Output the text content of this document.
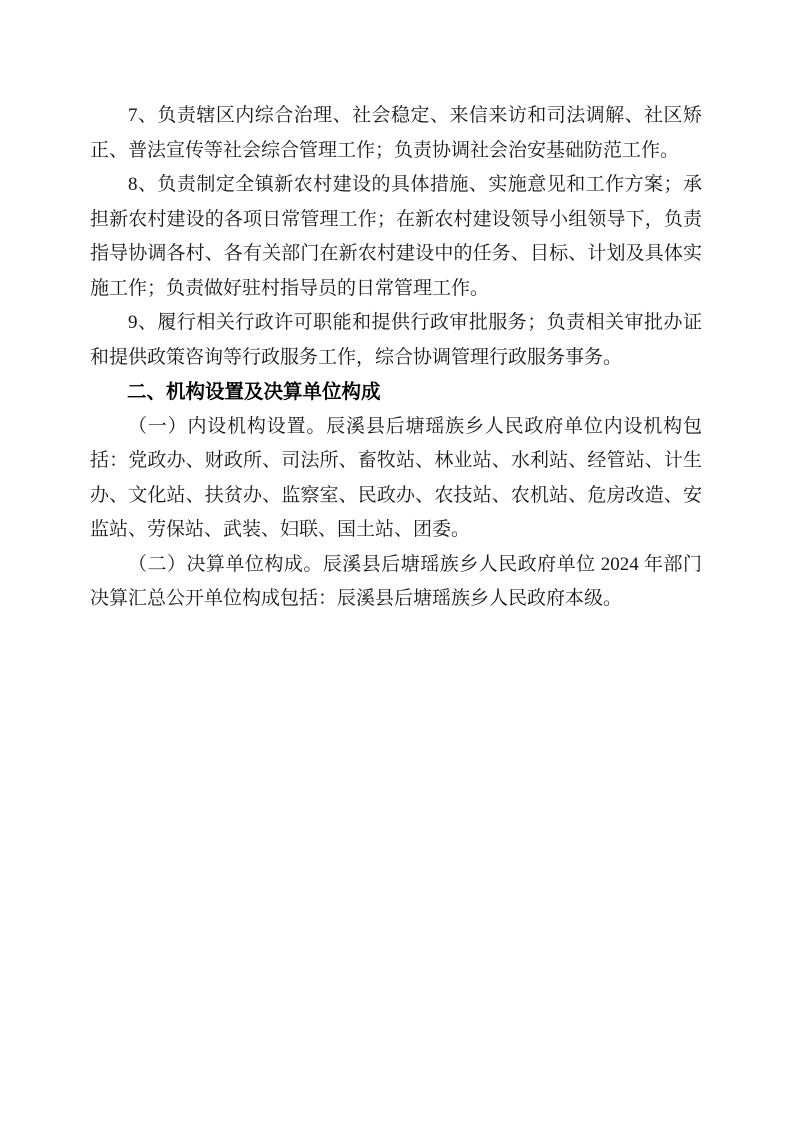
7、负责辖区内综合治理、社会稳定、来信来访和司法调解、社区矫
正、普法宣传等社会综合管理工作；负责协调社会治安基础防范工作。
8、负责制定全镇新农村建设的具体措施、实施意见和工作方案；承
担新农村建设的各项日常管理工作；在新农村建设领导小组领导下，负责
指导协调各村、各有关部门在新农村建设中的任务、目标、计划及具体实
施工作；负责做好驻村指导员的日常管理工作。
9、履行相关行政许可职能和提供行政审批服务；负责相关审批办证
和提供政策咨询等行政服务工作，综合协调管理行政服务事务。
二、机构设置及决算单位构成
（一）内设机构设置。辰溪县后塘瑶族乡人民政府单位内设机构包
括：党政办、财政所、司法所、畜牧站、林业站、水利站、经管站、计生
办、文化站、扶贫办、监察室、民政办、农技站、农机站、危房改造、安
监站、劳保站、武装、妇联、国土站、团委。
（二）决算单位构成。辰溪县后塘瑶族乡人民政府单位 2024 年部门
决算汇总公开单位构成包括：辰溪县后塘瑶族乡人民政府本级。
